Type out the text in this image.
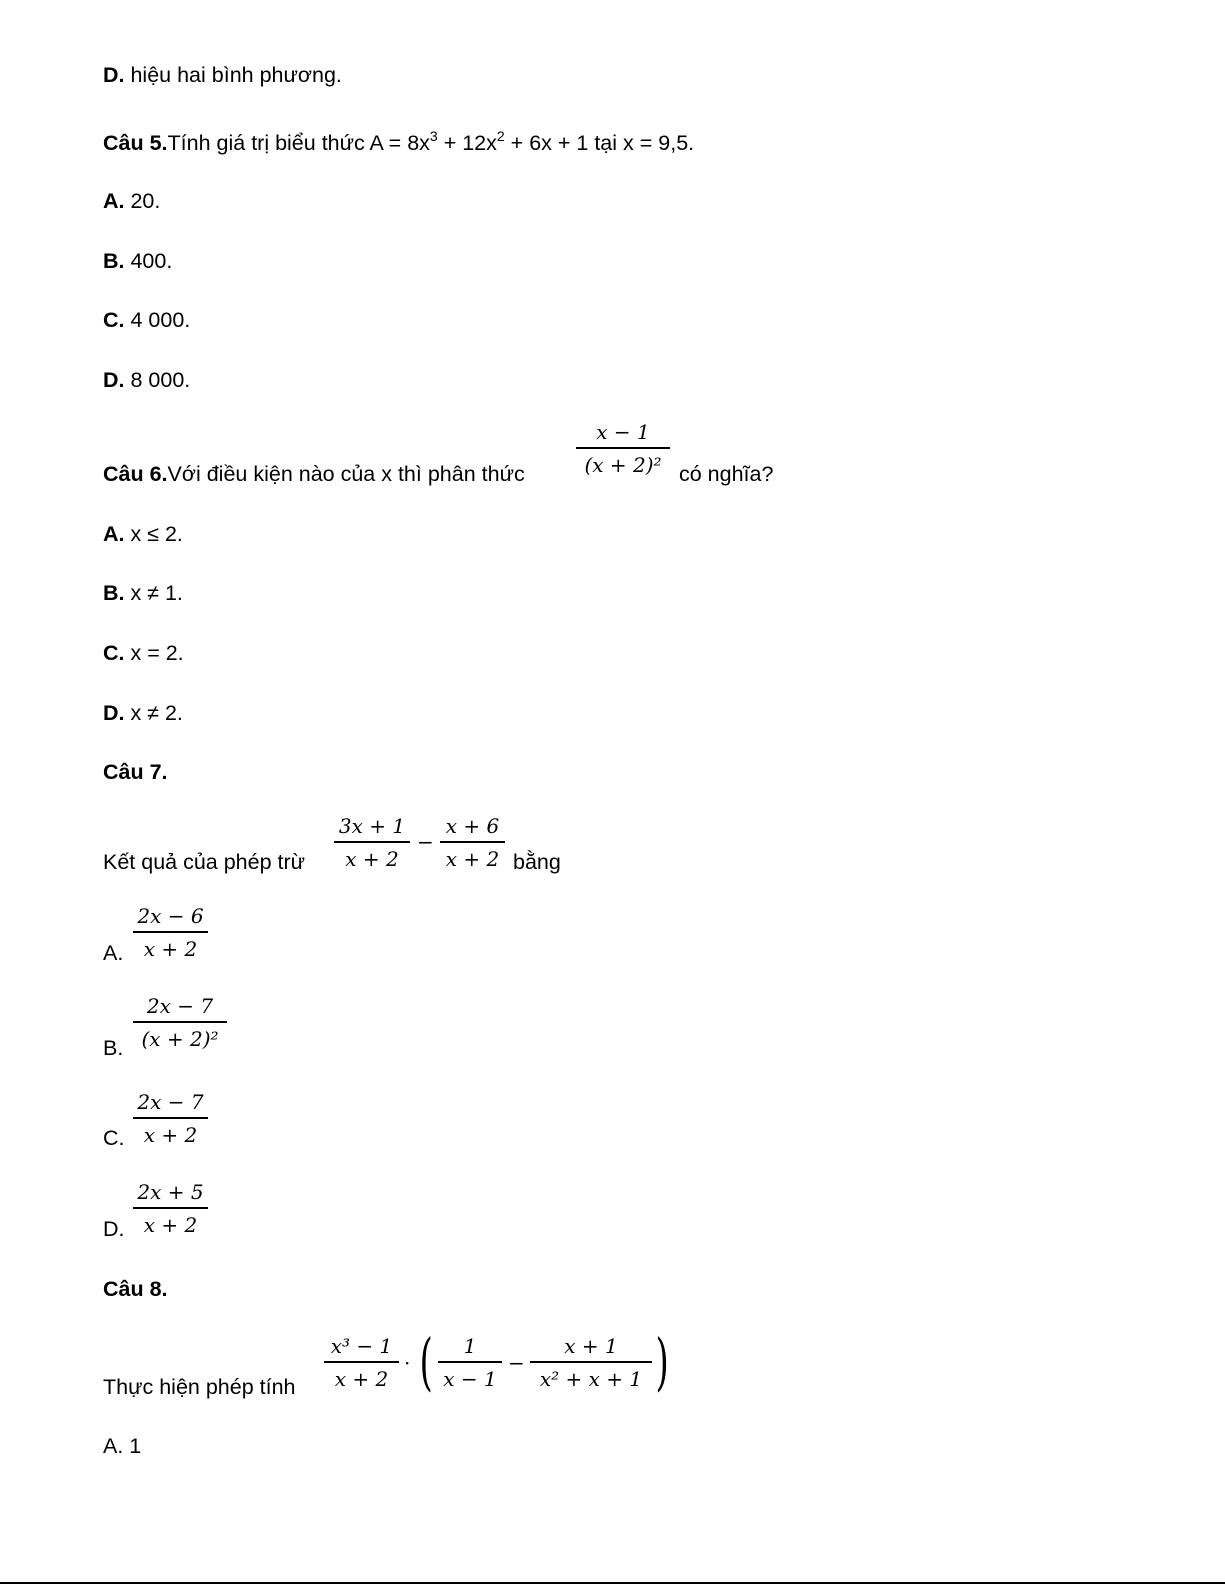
D. hiệu hai bình phương.
Câu 5.Tính giá trị biểu thức $A = 8x^3 + 12x^2 + 6x + 1$ tại x = 9,5.
A. 20.
B. 400.
C. 4 000.
D. 8 000.
Câu 6.Với điều kiện nào của x thì phân thức
x − 1
(x + 2)² có nghĩa?
A. x ≤ 2.
B. x ≠ 1.
C. x = 2.
D. x ≠ 2.
Câu 7.
Kết quả của phép trừ
3x + 1
x + 2
−
x + 6
x + 2 bằng
A.
2x − 6
x + 2
B.
2x − 7
(x + 2)²
C.
2x − 7
x + 2
D.
2x + 5
x + 2
Câu 8.
Thực hiện phép tính
x³ − 1
x + 2
· (	1
x − 1
−
x + 1
x² + x + 1 )
A. 1
